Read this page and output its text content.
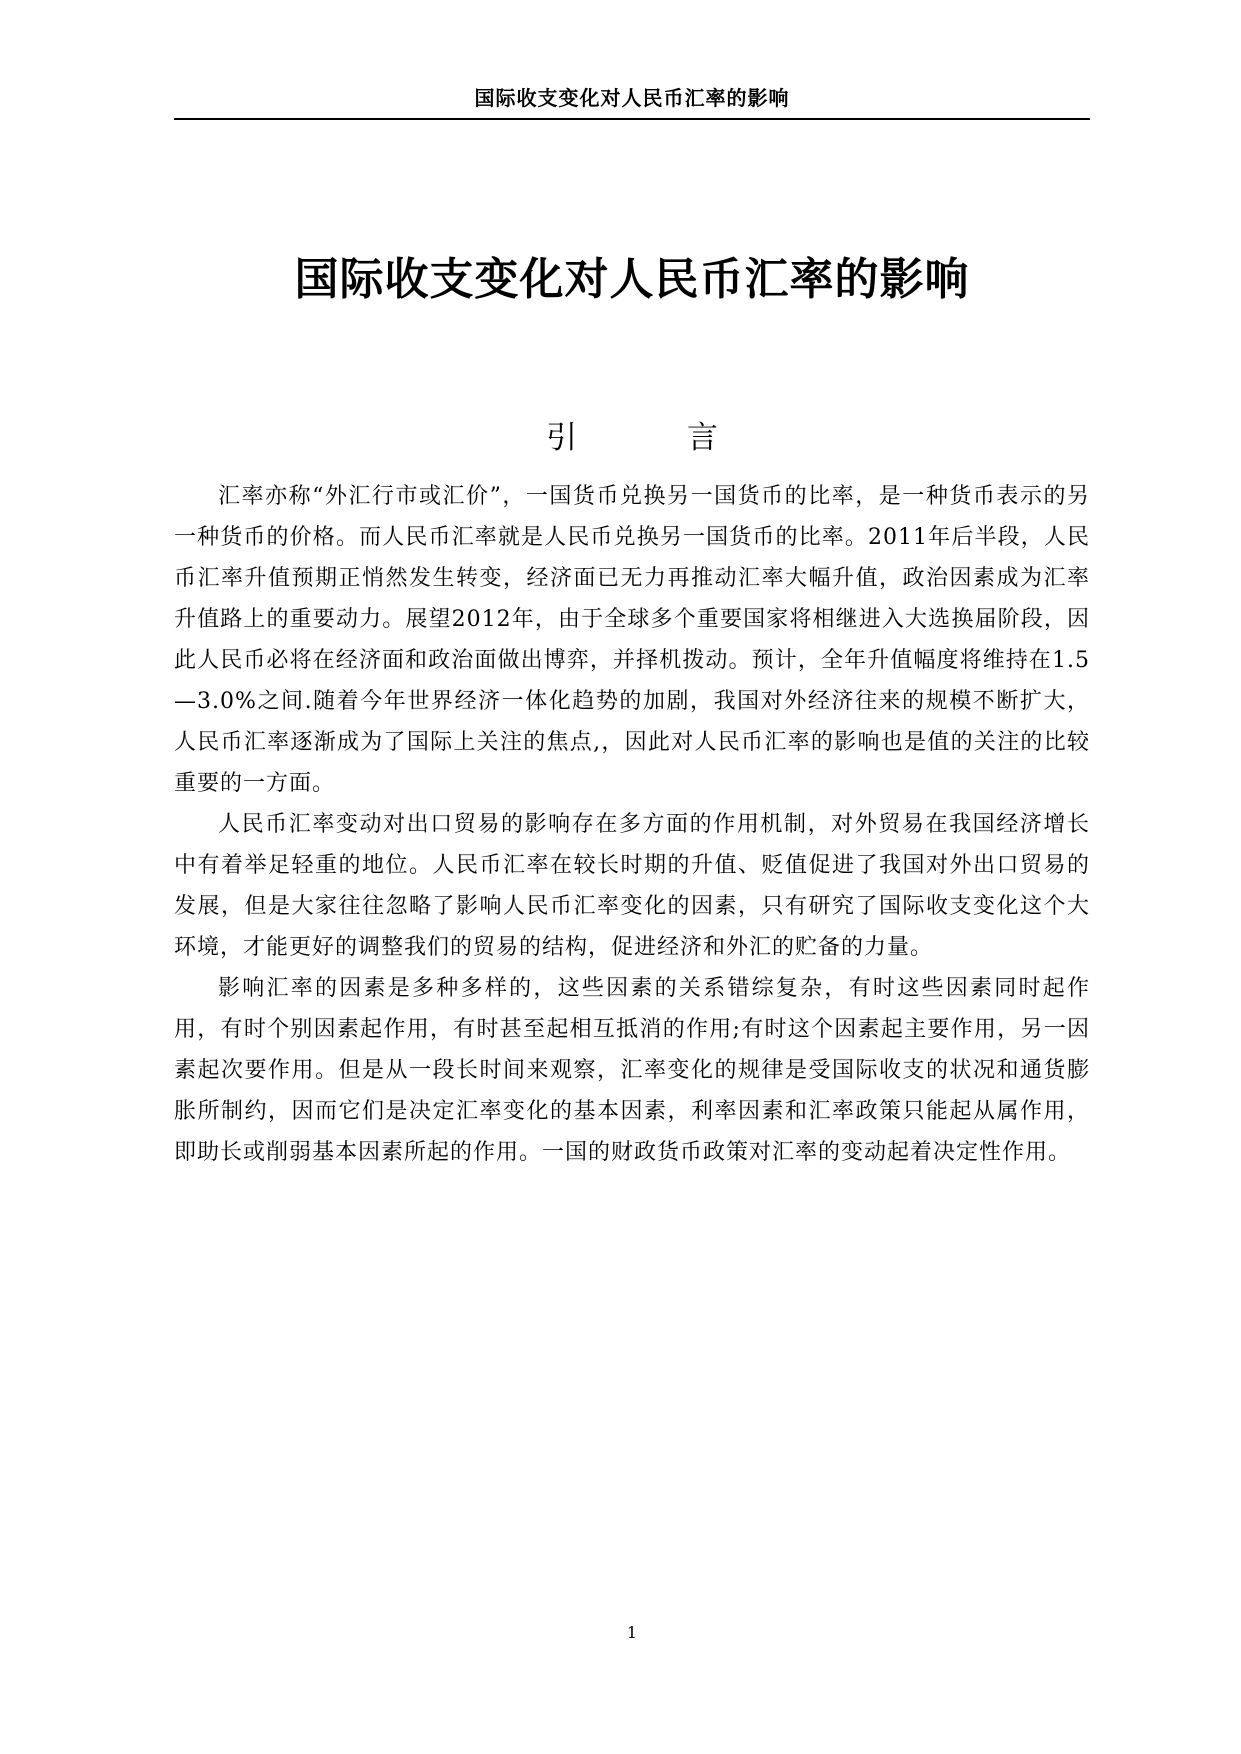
国际收支变化对人民币汇率的影响
国际收支变化对人民币汇率的影响
引 言

汇率亦称“外汇行市或汇价”，一国货币兑换另一国货币的比率，是一种货币表示的另一种货币的价格。而人民币汇率就是人民币兑换另一国货币的比率。2011年后半段，人民币汇率升值预期正悄然发生转变，经济面已无力再推动汇率大幅升值，政治因素成为汇率升值路上的重要动力。展望2012年，由于全球多个重要国家将相继进入大选换届阶段，因此人民币必将在经济面和政治面做出博弈，并择机拨动。预计，全年升值幅度将维持在1.5—3.0%之间.随着今年世界经济一体化趋势的加剧，我国对外经济往来的规模不断扩大，人民币汇率逐渐成为了国际上关注的焦点,，因此对人民币汇率的影响也是值的关注的比较重要的一方面。

人民币汇率变动对出口贸易的影响存在多方面的作用机制，对外贸易在我国经济增长中有着举足轻重的地位。人民币汇率在较长时期的升值、贬值促进了我国对外出口贸易的发展，但是大家往往忽略了影响人民币汇率变化的因素，只有研究了国际收支变化这个大环境，才能更好的调整我们的贸易的结构，促进经济和外汇的贮备的力量。

影响汇率的因素是多种多样的，这些因素的关系错综复杂，有时这些因素同时起作用，有时个别因素起作用，有时甚至起相互抵消的作用;有时这个因素起主要作用，另一因素起次要作用。但是从一段长时间来观察，汇率变化的规律是受国际收支的状况和通货膨胀所制约，因而它们是决定汇率变化的基本因素，利率因素和汇率政策只能起从属作用，即助长或削弱基本因素所起的作用。一国的财政货币政策对汇率的变动起着决定性作用。

1
